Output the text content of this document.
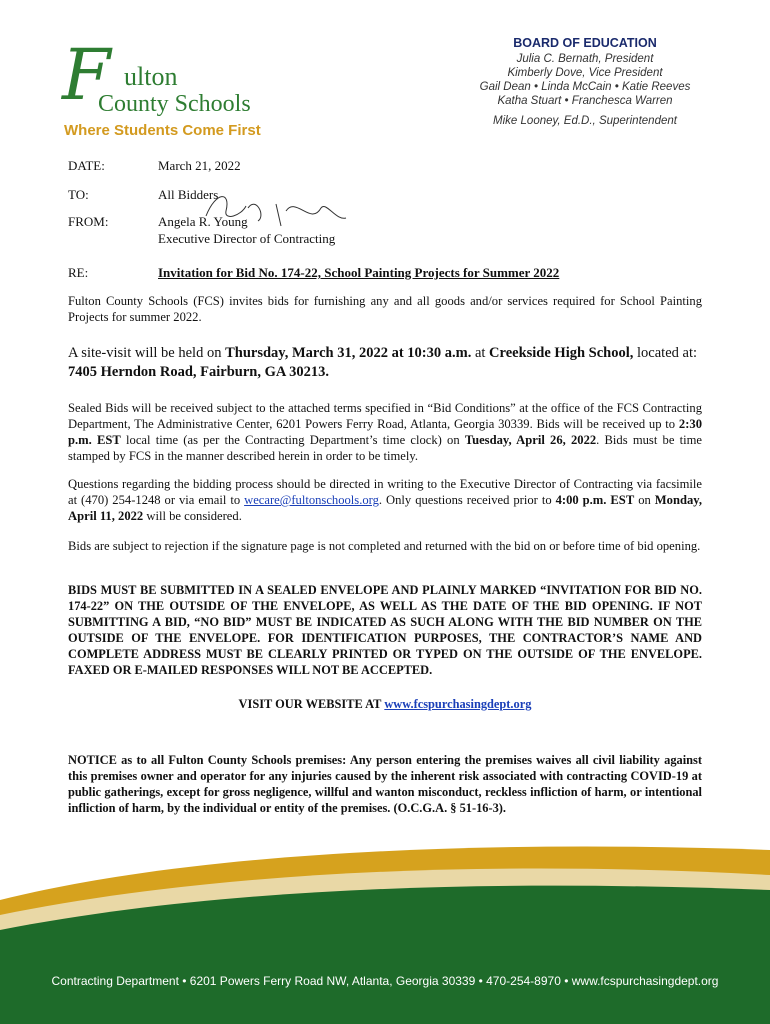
F ulton
County Schools
Where Students Come First
BOARD OF EDUCATION
Julia C. Bernath, President
Kimberly Dove, Vice President
Gail Dean • Linda McCain • Katie Reeves
Katha Stuart • Franchesca Warren
Mike Looney, Ed.D., Superintendent
DATE:	March 21, 2022
TO:	All Bidders
FROM:	Angela R. Young
Executive Director of Contracting
RE:	Invitation for Bid No. 174-22, School Painting Projects for Summer 2022
Fulton County Schools (FCS) invites bids for furnishing any and all goods and/or services required for School Painting Projects for summer 2022.
A site-visit will be held on Thursday, March 31, 2022 at 10:30 a.m. at Creekside High School, located at: 7405 Herndon Road, Fairburn, GA 30213.
Sealed Bids will be received subject to the attached terms specified in “Bid Conditions” at the office of the FCS Contracting Department, The Administrative Center, 6201 Powers Ferry Road, Atlanta, Georgia 30339. Bids will be received up to 2:30 p.m. EST local time (as per the Contracting Department’s time clock) on Tuesday, April 26, 2022. Bids must be time stamped by FCS in the manner described herein in order to be timely.
Questions regarding the bidding process should be directed in writing to the Executive Director of Contracting via facsimile at (470) 254-1248 or via email to wecare@fultonschools.org. Only questions received prior to 4:00 p.m. EST on Monday, April 11, 2022 will be considered.
Bids are subject to rejection if the signature page is not completed and returned with the bid on or before time of bid opening.
BIDS MUST BE SUBMITTED IN A SEALED ENVELOPE AND PLAINLY MARKED “INVITATION FOR BID NO. 174-22” ON THE OUTSIDE OF THE ENVELOPE, AS WELL AS THE DATE OF THE BID OPENING. IF NOT SUBMITTING A BID, “NO BID” MUST BE INDICATED AS SUCH ALONG WITH THE BID NUMBER ON THE OUTSIDE OF THE ENVELOPE. FOR IDENTIFICATION PURPOSES, THE CONTRACTOR’S NAME AND COMPLETE ADDRESS MUST BE CLEARLY PRINTED OR TYPED ON THE OUTSIDE OF THE ENVELOPE. FAXED OR E-MAILED RESPONSES WILL NOT BE ACCEPTED.
VISIT OUR WEBSITE AT www.fcspurchasingdept.org
NOTICE as to all Fulton County Schools premises: Any person entering the premises waives all civil liability against this premises owner and operator for any injuries caused by the inherent risk associated with contracting COVID-19 at public gatherings, except for gross negligence, willful and wanton misconduct, reckless infliction of harm, or intentional infliction of harm, by the individual or entity of the premises. (O.C.G.A. § 51-16-3).
Contracting Department • 6201 Powers Ferry Road NW, Atlanta, Georgia 30339 • 470-254-8970 • www.fcspurchasingdept.org
